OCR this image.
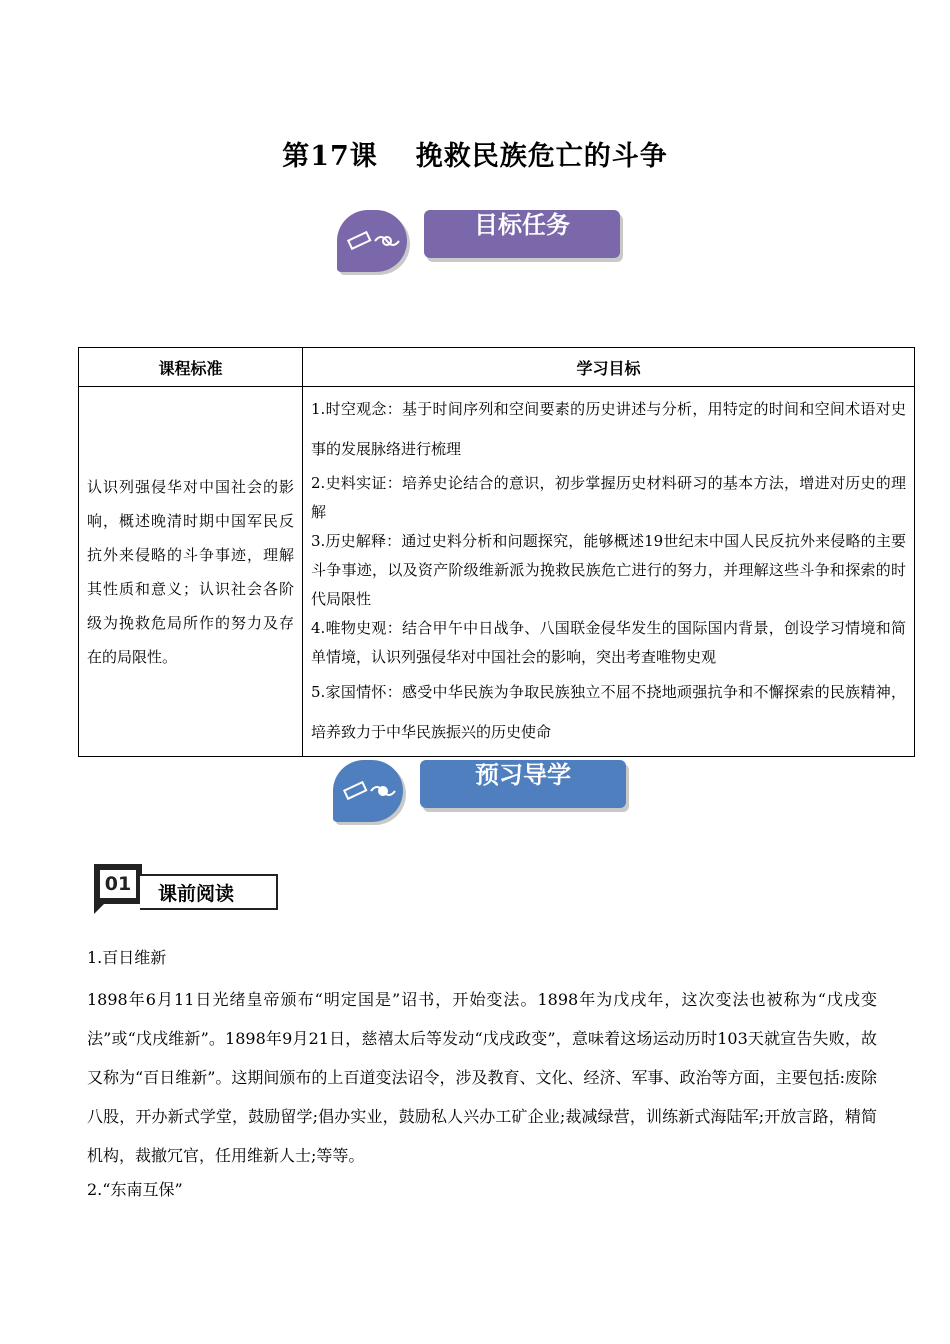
第17课 挽救民族危亡的斗争
目标任务
课程标准	学习目标
认识列强侵华对中国社会的影响，概述晚清时期中国军民反抗外来侵略的斗争事迹，理解其性质和意义；认识社会各阶级为挽救危局所作的努力及存在的局限性。	1.时空观念：基于时间序列和空间要素的历史讲述与分析，用特定的时间和空间术语对史事的发展脉络进行梳理
2.史料实证：培养史论结合的意识，初步掌握历史材料研习的基本方法，增进对历史的理解
3.历史解释：通过史料分析和问题探究，能够概述19世纪末中国人民反抗外来侵略的主要斗争事迹，以及资产阶级维新派为挽救民族危亡进行的努力，并理解这些斗争和探索的时代局限性
4.唯物史观：结合甲午中日战争、八国联金侵华发生的国际国内背景，创设学习情境和简单情境，认识列强侵华对中国社会的影响，突出考查唯物史观
5.家国情怀：感受中华民族为争取民族独立不屈不挠地顽强抗争和不懈探索的民族精神，培养致力于中华民族振兴的历史使命
预习导学
01	课前阅读
1.百日维新
1898年6月11日光绪皇帝颁布“明定国是”诏书，开始变法。1898年为戊戌年，这次变法也被称为“戊戌变法”或“戊戌维新”。1898年9月21日，慈禧太后等发动“戊戌政变”，意味着这场运动历时103天就宣告失败，故又称为“百日维新”。这期间颁布的上百道变法诏令，涉及教育、文化、经济、军事、政治等方面，主要包括:废除八股，开办新式学堂，鼓励留学;倡办实业，鼓励私人兴办工矿企业;裁减绿营，训练新式海陆军;开放言路，精简机构，裁撤冗官，任用维新人士;等等。
2.“东南互保”
